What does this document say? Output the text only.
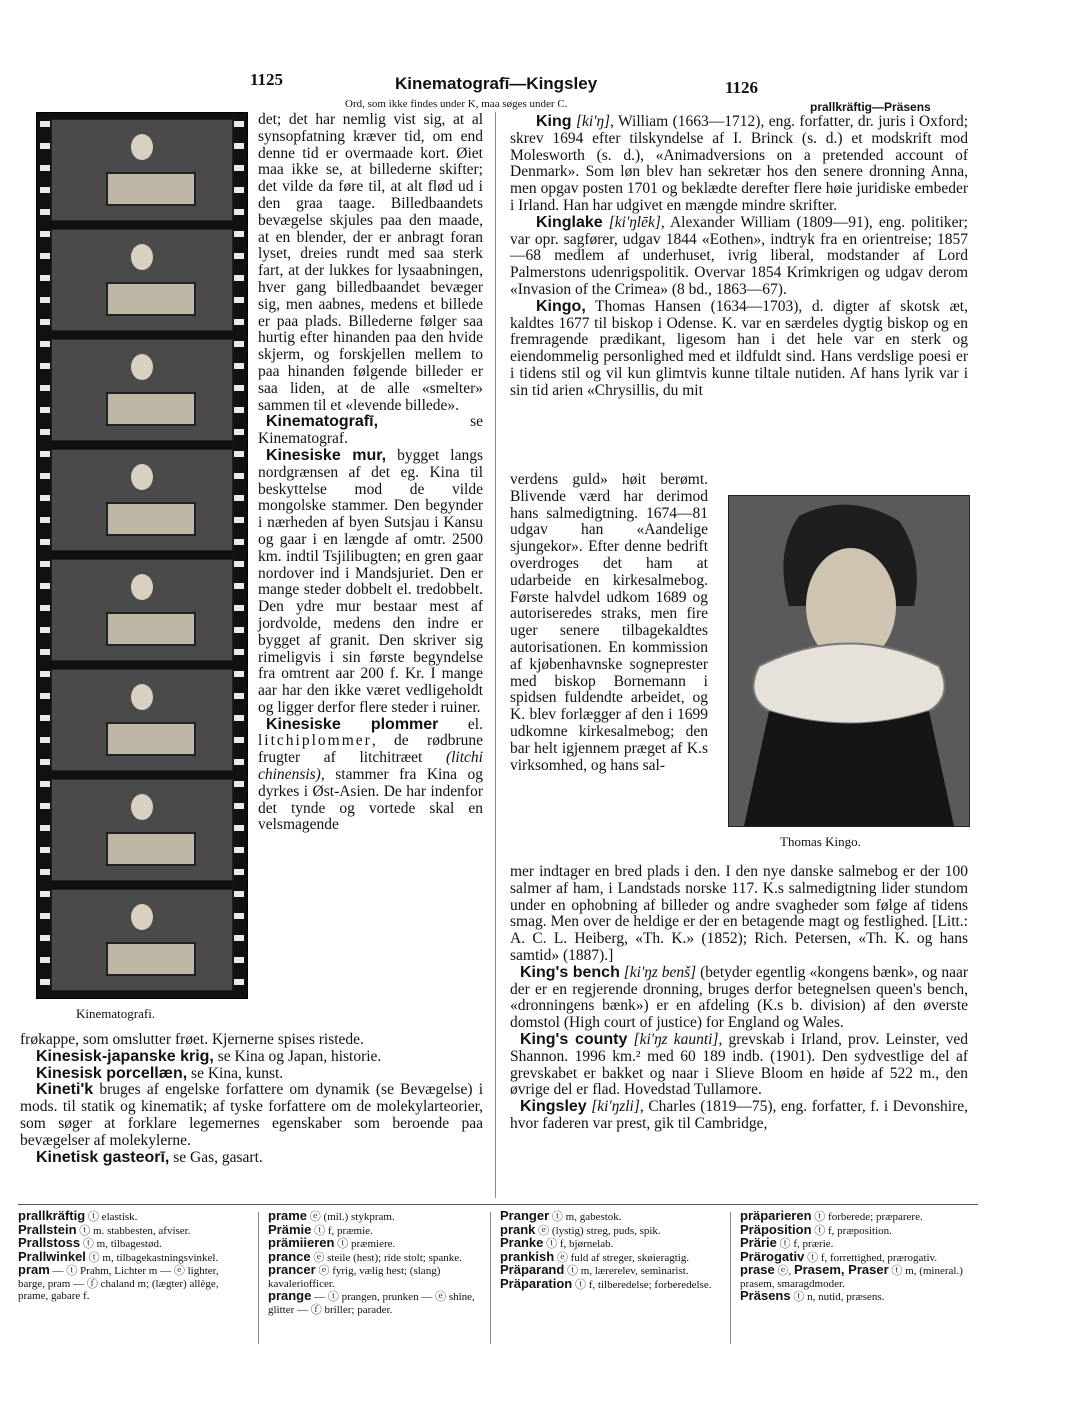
1125	Kinematografī—Kingsley	1126
Ord, som ikke findes under K, maa søges under C.	prallkräftig—Präsens
Kinematografi.

det; det har nemlig vist sig, at al synsopfatning kræver tid, om end denne tid er overmaade kort. Øiet maa ikke se, at billederne skifter; det vilde da føre til, at alt flød ud i den graa taage. Billedbaandets bevægelse skjules paa den maade, at en blender, der er anbragt foran lyset, dreies rundt med saa sterk fart, at der lukkes for lysaabningen, hver gang billedbaandet bevæger sig, men aabnes, medens et billede er paa plads. Billederne følger saa hurtig efter hinanden paa den hvide skjerm, og forskjellen mellem to paa hinanden følgende billeder er saa liden, at de alle «smelter» sammen til et «levende billede».

Kinematografī, se Kinematograf.

Kinesiske mur, bygget langs nordgrænsen af det eg. Kina til beskyttelse mod de vilde mongolske stammer. Den begynder i nærheden af byen Sutsjau i Kansu og gaar i en længde af omtr. 2500 km. indtil Tsjilibugten; en gren gaar nordover ind i Mandsjuriet. Den er mange steder dobbelt el. tredobbelt. Den ydre mur bestaar mest af jordvolde, medens den indre er bygget af granit. Den skriver sig rimeligvis i sin første begyndelse fra omtrent aar 200 f. Kr. I mange aar har den ikke været vedligeholdt og ligger derfor flere steder i ruiner.

Kinesiske plommer el. litchiplommer, de rødbrune frugter af litchitræet (litchi chinensis), stammer fra Kina og dyrkes i Øst-Asien. De har indenfor det tynde og vortede skal en velsmagende

frøkappe, som omslutter frøet. Kjernerne spises ristede.

Kinesisk-japanske krig, se Kina og Japan, historie.

Kinesisk porcellæn, se Kina, kunst.

Kineti'k bruges af engelske forfattere om dynamik (se Bevægelse) i mods. til statik og kinematik; af tyske forfattere om de molekylarteorier, som søger at forklare legemernes egenskaber som beroende paa bevægelser af molekylerne.

Kinetisk gasteorī, se Gas, gasart.

King [ki'ŋ], William (1663—1712), eng. forfatter, dr. juris i Oxford; skrev 1694 efter tilskyndelse af I. Brinck (s. d.) et modskrift mod Molesworth (s. d.), «Animadversions on a pretended account of Denmark». Som løn blev han sekretær hos den senere dronning Anna, men opgav posten 1701 og beklædte derefter flere høie juridiske embeder i Irland. Han har udgivet en mængde mindre skrifter.

Kinglake [ki'ŋlēk], Alexander William (1809—91), eng. politiker; var opr. sagfører, udgav 1844 «Eothen», indtryk fra en orientreise; 1857—68 medlem af underhuset, ivrig liberal, modstander af Lord Palmerstons udenrigspolitik. Overvar 1854 Krimkrigen og udgav derom «Invasion of the Crimea» (8 bd., 1863—67).

Kingo, Thomas Hansen (1634—1703), d. digter af skotsk æt, kaldtes 1677 til biskop i Odense. K. var en særdeles dygtig biskop og en fremragende prædikant, ligesom han i det hele var en sterk og eiendommelig personlighed med et ildfuldt sind. Hans verdslige poesi er i tidens stil og vil kun glimtvis kunne tiltale nutiden. Af hans lyrik var i sin tid arien «Chrysillis, du mit

verdens guld» høit berømt. Blivende værd har derimod hans salmedigtning. 1674—81 udgav han «Aandelige sjungekor». Efter denne bedrift overdroges det ham at udarbeide en kirkesalmebog. Første halvdel udkom 1689 og autoriseredes straks, men fire uger senere tilbagekaldtes autorisationen. En kommission af kjøbenhavnske sogneprester med biskop Bornemann i spidsen fuldendte arbeidet, og K. blev forlægger af den i 1699 udkomne kirkesalmebog; den bar helt igjennem præget af K.s virksomhed, og hans sal-

Thomas Kingo.

mer indtager en bred plads i den. I den nye danske salmebog er der 100 salmer af ham, i Landstads norske 117. K.s salmedigtning lider stundom under en ophobning af billeder og andre svagheder som følge af tidens smag. Men over de heldige er der en betagende magt og festlighed. [Litt.: A. C. L. Heiberg, «Th. K.» (1852); Rich. Petersen, «Th. K. og hans samtid» (1887).]

King's bench [ki'ŋz benš] (betyder egentlig «kongens bænk», og naar der er en regjerende dronning, bruges derfor betegnelsen queen's bench, «dronningens bænk») er en afdeling (K.s b. division) af den øverste domstol (High court of justice) for England og Wales.

King's county [ki'ŋz kaunti], grevskab i Irland, prov. Leinster, ved Shannon. 1996 km.² med 60 189 indb. (1901). Den sydvestlige del af grevskabet er bakket og naar i Slieve Bloom en høide af 522 m., den øvrige del er flad. Hovedstad Tullamore.

Kingsley [ki'ŋzli], Charles (1819—75), eng. forfatter, f. i Devonshire, hvor faderen var prest, gik til Cambridge,

prallkräftig ⓣ elastisk.

Prallstein ⓣ m. stabbesten, afviser.

Prallstoss ⓣ m, tilbagestød.

Prallwinkel ⓣ m, tilbagekastningsvinkel.

pram — ⓣ Prahm, Lichter m — ⓔ lighter, barge, pram — ⓕ chaland m; (lægter) allège, prame, gabare f.

prame ⓔ (mil.) stykpram.

Prämie ⓣ f, præmie.

prämiieren ⓣ præmiere.

prance ⓔ steile (hest); ride stolt; spanke.

prancer ⓔ fyrig, vælig hest; (slang) kavaleriofficer.

prange — ⓣ prangen, prunken — ⓔ shine, glitter — ⓕ briller; parader.

Pranger ⓣ m, gabestok.

prank ⓔ (lystig) streg, puds, spik.

Pranke ⓣ f, bjørnelab.

prankish ⓔ fuld af streger, skøieragtig.

Präparand ⓣ m, lærerelev, seminarist.

Präparation ⓣ f, tilberedelse; forberedelse.

präparieren ⓣ forberede; præparere.

Präposition ⓣ f, præposition.

Prärie ⓣ f, prærie.

Prärogativ ⓣ f, forrettighed, prærogativ.

prase ⓔ, Prasem, Praser ⓣ m, (mineral.) prasem, smaragdmoder.

Präsens ⓣ n, nutid, præsens.
